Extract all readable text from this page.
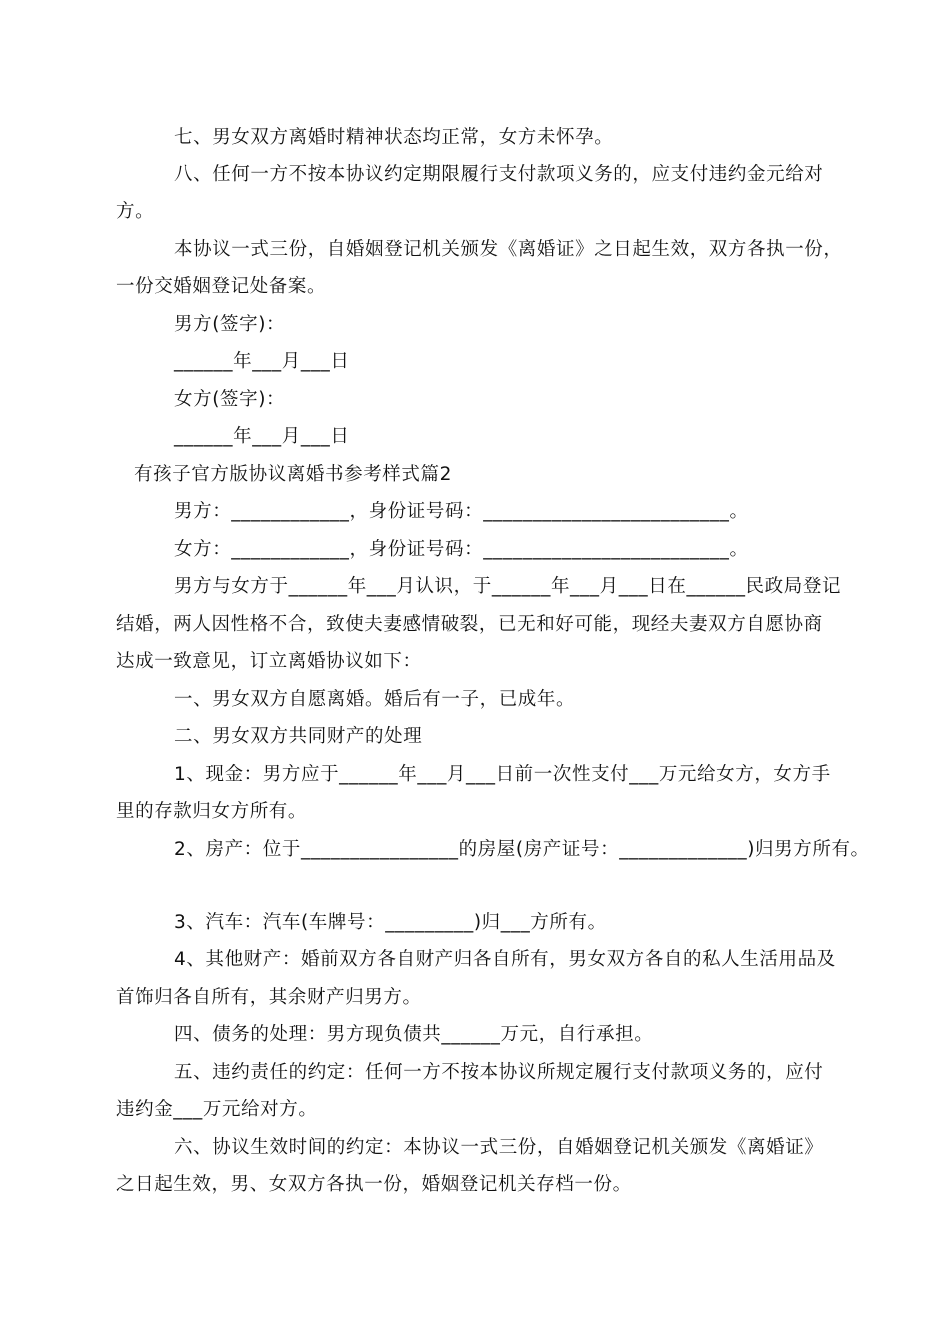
七、男女双方离婚时精神状态均正常，女方未怀孕。
八、任何一方不按本协议约定期限履行支付款项义务的，应支付违约金元给对
方。
本协议一式三份，自婚姻登记机关颁发《离婚证》之日起生效，双方各执一份，
一份交婚姻登记处备案。
男方(签字)：
______年___月___日
女方(签字)：
______年___月___日
有孩子官方版协议离婚书参考样式篇2
男方：____________，身份证号码：_________________________。
女方：____________，身份证号码：_________________________。
男方与女方于______年___月认识，于______年___月___日在______民政局登记
结婚，两人因性格不合，致使夫妻感情破裂，已无和好可能，现经夫妻双方自愿协商
达成一致意见，订立离婚协议如下：
一、男女双方自愿离婚。婚后有一子，已成年。
二、男女双方共同财产的处理
1、现金：男方应于______年___月___日前一次性支付___万元给女方，女方手
里的存款归女方所有。
2、房产：位于________________的房屋(房产证号：_____________)归男方所有。
3、汽车：汽车(车牌号：_________)归___方所有。
4、其他财产：婚前双方各自财产归各自所有，男女双方各自的私人生活用品及
首饰归各自所有，其余财产归男方。
四、债务的处理：男方现负债共______万元，自行承担。
五、违约责任的约定：任何一方不按本协议所规定履行支付款项义务的，应付
违约金___万元给对方。
六、协议生效时间的约定：本协议一式三份，自婚姻登记机关颁发《离婚证》
之日起生效，男、女双方各执一份，婚姻登记机关存档一份。
